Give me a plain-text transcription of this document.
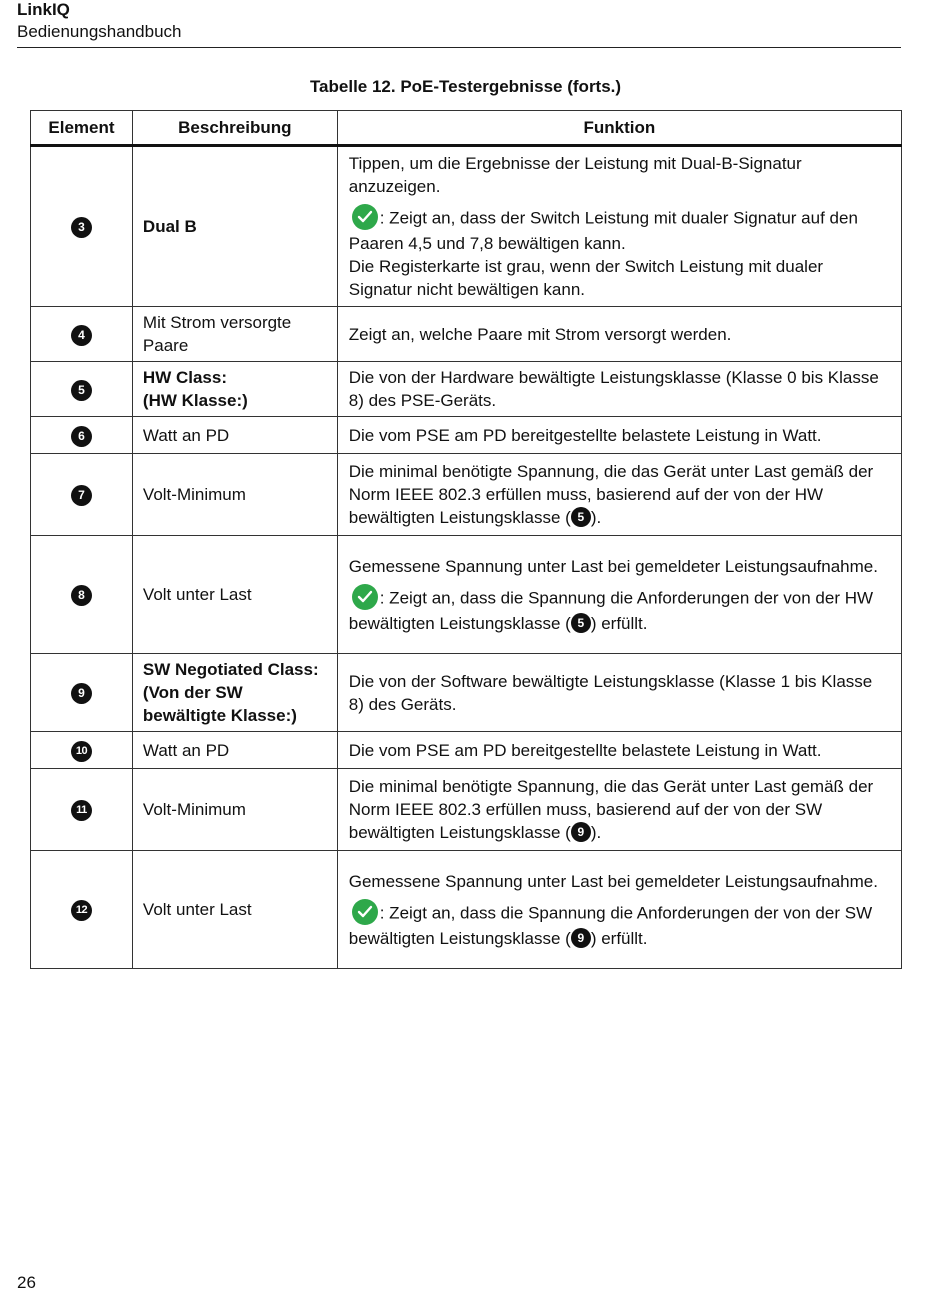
LinkIQ
Bedienungshandbuch
Tabelle 12. PoE-Testergebnisse (forts.)
Element	Beschreibung	Funktion
3	Dual B	Tippen, um die Ergebnisse der Leistung mit Dual-B-Signatur anzuzeigen.

: Zeigt an, dass der Switch Leistung mit dualer Signatur auf den Paaren 4,5 und 7,8 bewältigen kann.

Die Registerkarte ist grau, wenn der Switch Leistung mit dualer Signatur nicht bewältigen kann.

4	Mit Strom versorgte Paare	Zeigt an, welche Paare mit Strom versorgt werden.

5	HW Class:
(HW Klasse:)	Die von der Hardware bewältigte Leistungsklasse (Klasse 0 bis Klasse 8) des PSE-Geräts.

6	Watt an PD	Die vom PSE am PD bereitgestellte belastete Leistung in Watt.

7	Volt-Minimum	Die minimal benötigte Spannung, die das Gerät unter Last gemäß der Norm IEEE 802.3 erfüllen muss, basierend auf der von der HW bewältigten Leistungsklasse ( 5 ).

8	Volt unter Last	Gemessene Spannung unter Last bei gemeldeter Leistungsaufnahme.

: Zeigt an, dass die Spannung die Anforderungen der von der HW bewältigten Leistungsklasse ( 5 ) erfüllt.

9	SW Negotiated Class: (Von der SW bewältigte Klasse:)	Die von der Software bewältigte Leistungsklasse (Klasse 1 bis Klasse 8) des Geräts.

10	Watt an PD	Die vom PSE am PD bereitgestellte belastete Leistung in Watt.

11	Volt-Minimum	Die minimal benötigte Spannung, die das Gerät unter Last gemäß der Norm IEEE 802.3 erfüllen muss, basierend auf der von der SW bewältigten Leistungsklasse ( 9 ).

12	Volt unter Last	Gemessene Spannung unter Last bei gemeldeter Leistungsaufnahme.

: Zeigt an, dass die Spannung die Anforderungen der von der SW bewältigten Leistungsklasse ( 9 ) erfüllt.

26
